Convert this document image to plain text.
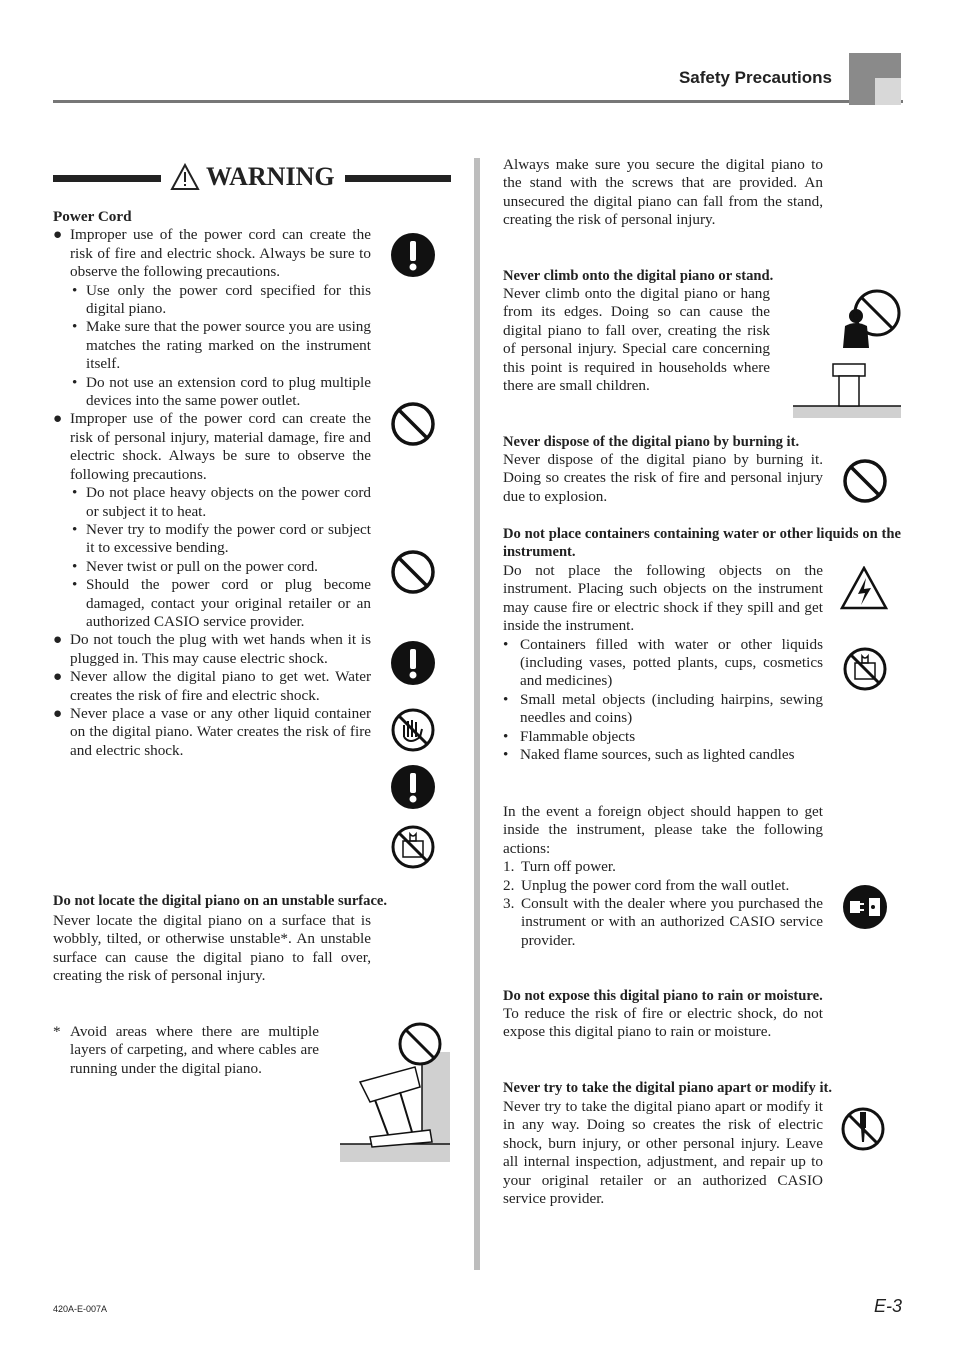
Safety Precautions
WARNING

Power Cord

● Improper use of the power cord can create the risk of fire and electric shock. Always be sure to observe the following precautions.
• Use only the power cord specified for this digital piano.
• Make sure that the power source you are using matches the rating marked on the instrument itself.
• Do not use an extension cord to plug multiple devices into the same power outlet.
● Improper use of the power cord can create the risk of personal injury, material damage, fire and electric shock. Always be sure to observe the following precautions.
• Do not place heavy objects on the power cord or subject it to heat.
• Never try to modify the power cord or subject it to excessive bending.
• Never twist or pull on the power cord.
• Should the power cord or plug become damaged, contact your original retailer or an authorized CASIO service provider.
● Do not touch the plug with wet hands when it is plugged in. This may cause electric shock.
● Never allow the digital piano to get wet. Water creates the risk of fire and electric shock.
● Never place a vase or any other liquid container on the digital piano. Water creates the risk of fire and electric shock.

Do not locate the digital piano on an unstable surface.

Never locate the digital piano on a surface that is wobbly, tilted, or otherwise unstable*. An unstable surface can cause the digital piano to fall over, creating the risk of personal injury.

* Avoid areas where there are multiple layers of carpeting, and where cables are running under the digital piano.

Always make sure you secure the digital piano to the stand with the screws that are provided. An unsecured the digital piano can fall from the stand, creating the risk of personal injury.

Never climb onto the digital piano or stand.

Never climb onto the digital piano or hang from its edges. Doing so can cause the digital piano to fall over, creating the risk of personal injury. Special care concerning this point is required in households where there are small children.

Never dispose of the digital piano by burning it.

Never dispose of the digital piano by burning it. Doing so creates the risk of fire and personal injury due to explosion.

Do not place containers containing water or other liquids on the instrument.

Do not place the following objects on the instrument. Placing such objects on the instrument may cause fire or electric shock if they spill and get inside the instrument.

• Containers filled with water or other liquids (including vases, potted plants, cups, cosmetics and medicines)
• Small metal objects (including hairpins, sewing needles and coins)
• Flammable objects
• Naked flame sources, such as lighted candles

In the event a foreign object should happen to get inside the instrument, please take the following actions:

1. Turn off power.
2. Unplug the power cord from the wall outlet.
3. Consult with the dealer where you purchased the instrument or with an authorized CASIO service provider.

Do not expose this digital piano to rain or moisture.

To reduce the risk of fire or electric shock, do not expose this digital piano to rain or moisture.

Never try to take the digital piano apart or modify it.

Never try to take the digital piano apart or modify it in any way. Doing so creates the risk of electric shock, burn injury, or other personal injury. Leave all internal inspection, adjustment, and repair up to your original retailer or an authorized CASIO service provider.

420A-E-007A	E-3
